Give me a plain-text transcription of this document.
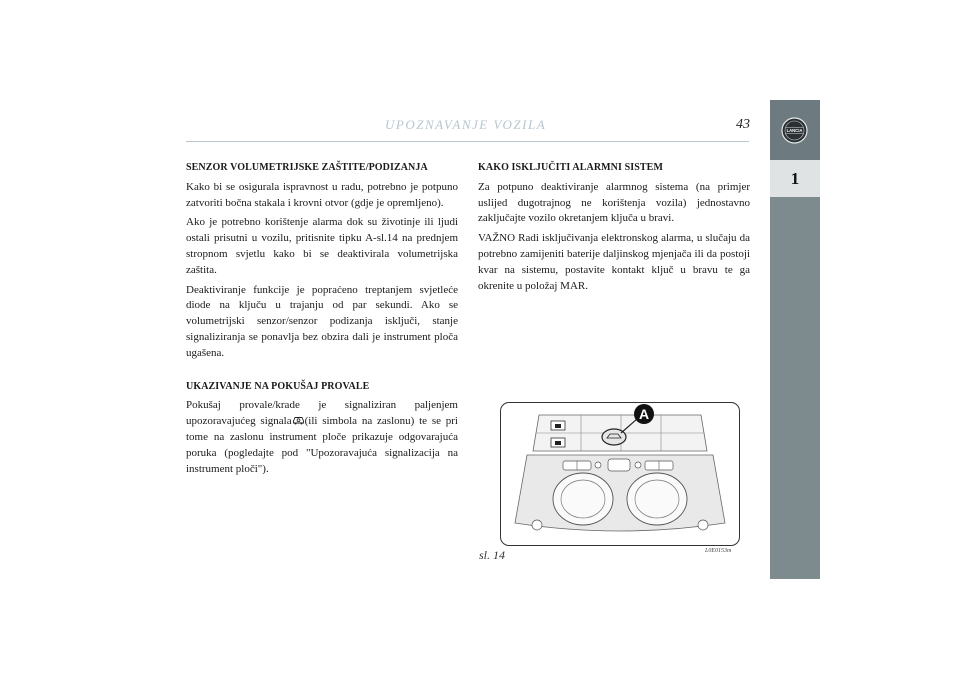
UPOZNAVANJE VOZILA	43	LANCIA
1
SENZOR VOLUMETRIJSKE ZAŠTITE/PODIZANJA

Kako bi se osigurala ispravnost u radu, potrebno je potpuno zatvoriti bočna stakala i krovni otvor (gdje je opremljeno).

Ako je potrebno korištenje alarma dok su životinje ili ljudi ostali prisutni u vozilu, pritisnite tipku A-sl.14 na prednjem stropnom svjetlu kako bi se deaktivirala volumetrijska zaštita.

Deaktiviranje funkcije je popraćeno treptanjem svjetleće diode na ključu u trajanju od par sekundi. Ako se volumetrijski senzor/senzor podizanja isključi, stanje signaliziranja se ponavlja bez obzira dali je instrument ploča ugašena.

UKAZIVANJE NA POKUŠAJ PROVALE

Pokušaj provale/krade je signaliziran paljenjem upozoravajućeg signala (ili simbola na zaslonu) te se pri tome na zaslonu instrument ploče prikazuje odgovarajuća poruka (pogledajte pod "Upozoravajuća signalizacija na instrument ploči").

KAKO ISKLJUČITI ALARMNI SISTEM

Za potpuno deaktiviranje alarmnog sistema (na primjer uslijed dugotrajnog ne korištenja vozila) jednostavno zaključajte vozilo okretanjem ključa u bravi.

VAŽNO Radi isključivanja elektronskog alarma, u slučaju da potrebno zamijeniti baterije daljinskog mjenjača ili da postoji kvar na sistemu, postavite kontakt ključ u bravu te ga okrenite u položaj MAR.

A
sl. 14	L0E0153m
